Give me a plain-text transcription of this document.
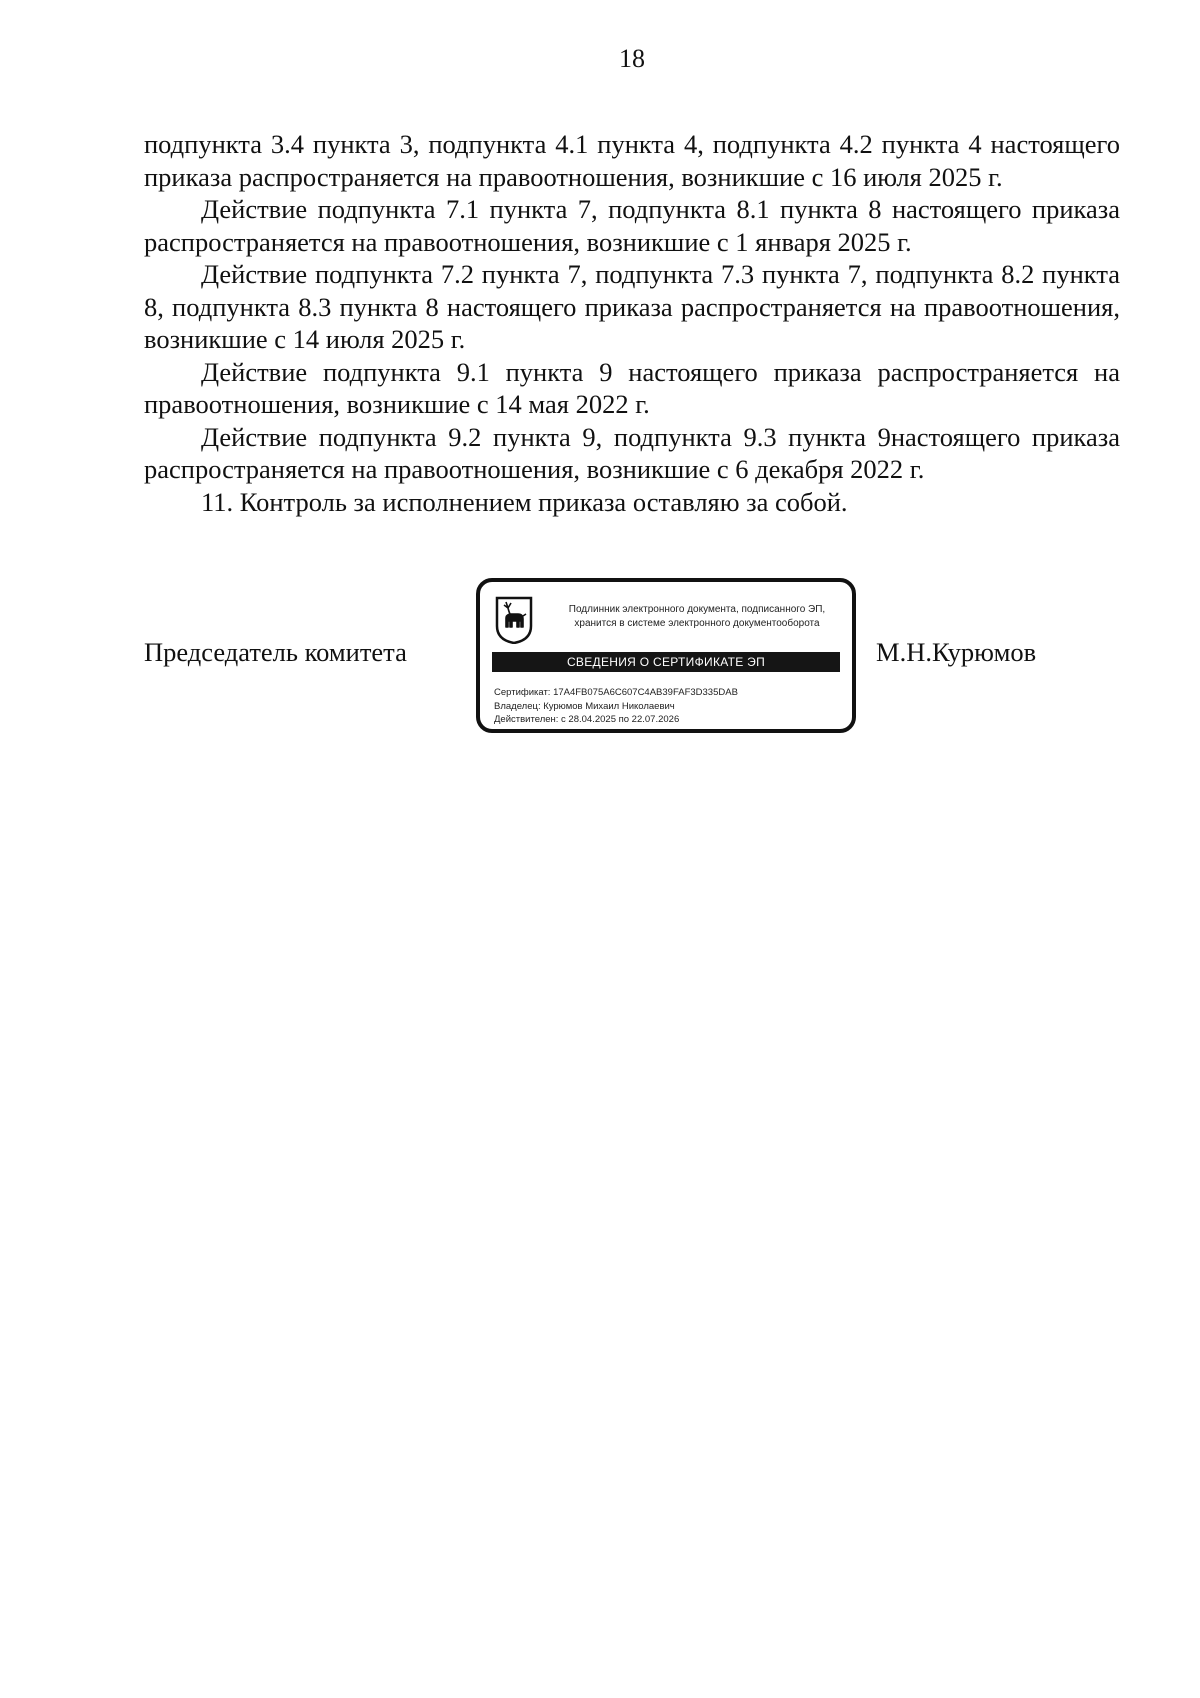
18

подпункта 3.4 пункта 3, подпункта 4.1 пункта 4, подпункта 4.2 пункта 4 настоящего приказа распространяется на правоотношения, возникшие с 16 июля 2025 г.

Действие подпункта 7.1 пункта 7, подпункта 8.1 пункта 8 настоящего приказа распространяется на правоотношения, возникшие с 1 января 2025 г.

Действие подпункта 7.2 пункта 7, подпункта 7.3 пункта 7, подпункта 8.2 пункта 8, подпункта 8.3 пункта 8 настоящего приказа распространяется на правоотношения, возникшие с 14 июля 2025 г.

Действие подпункта 9.1 пункта 9 настоящего приказа распространяется на правоотношения, возникшие с 14 мая 2022 г.

Действие подпункта 9.2 пункта 9, подпункта 9.3 пункта 9настоящего приказа распространяется на правоотношения, возникшие с 6 декабря 2022 г.

11. Контроль за исполнением приказа оставляю за собой.

Председатель комитета
Подлинник электронного документа, подписанного ЭП,
хранится в системе электронного документооборота
СВЕДЕНИЯ О СЕРТИФИКАТЕ ЭП
Сертификат: 17A4FB075A6C607C4AB39FAF3D335DAB
Владелец: Курюмов Михаил Николаевич
Действителен: с 28.04.2025 по 22.07.2026
М.Н.Курюмов
